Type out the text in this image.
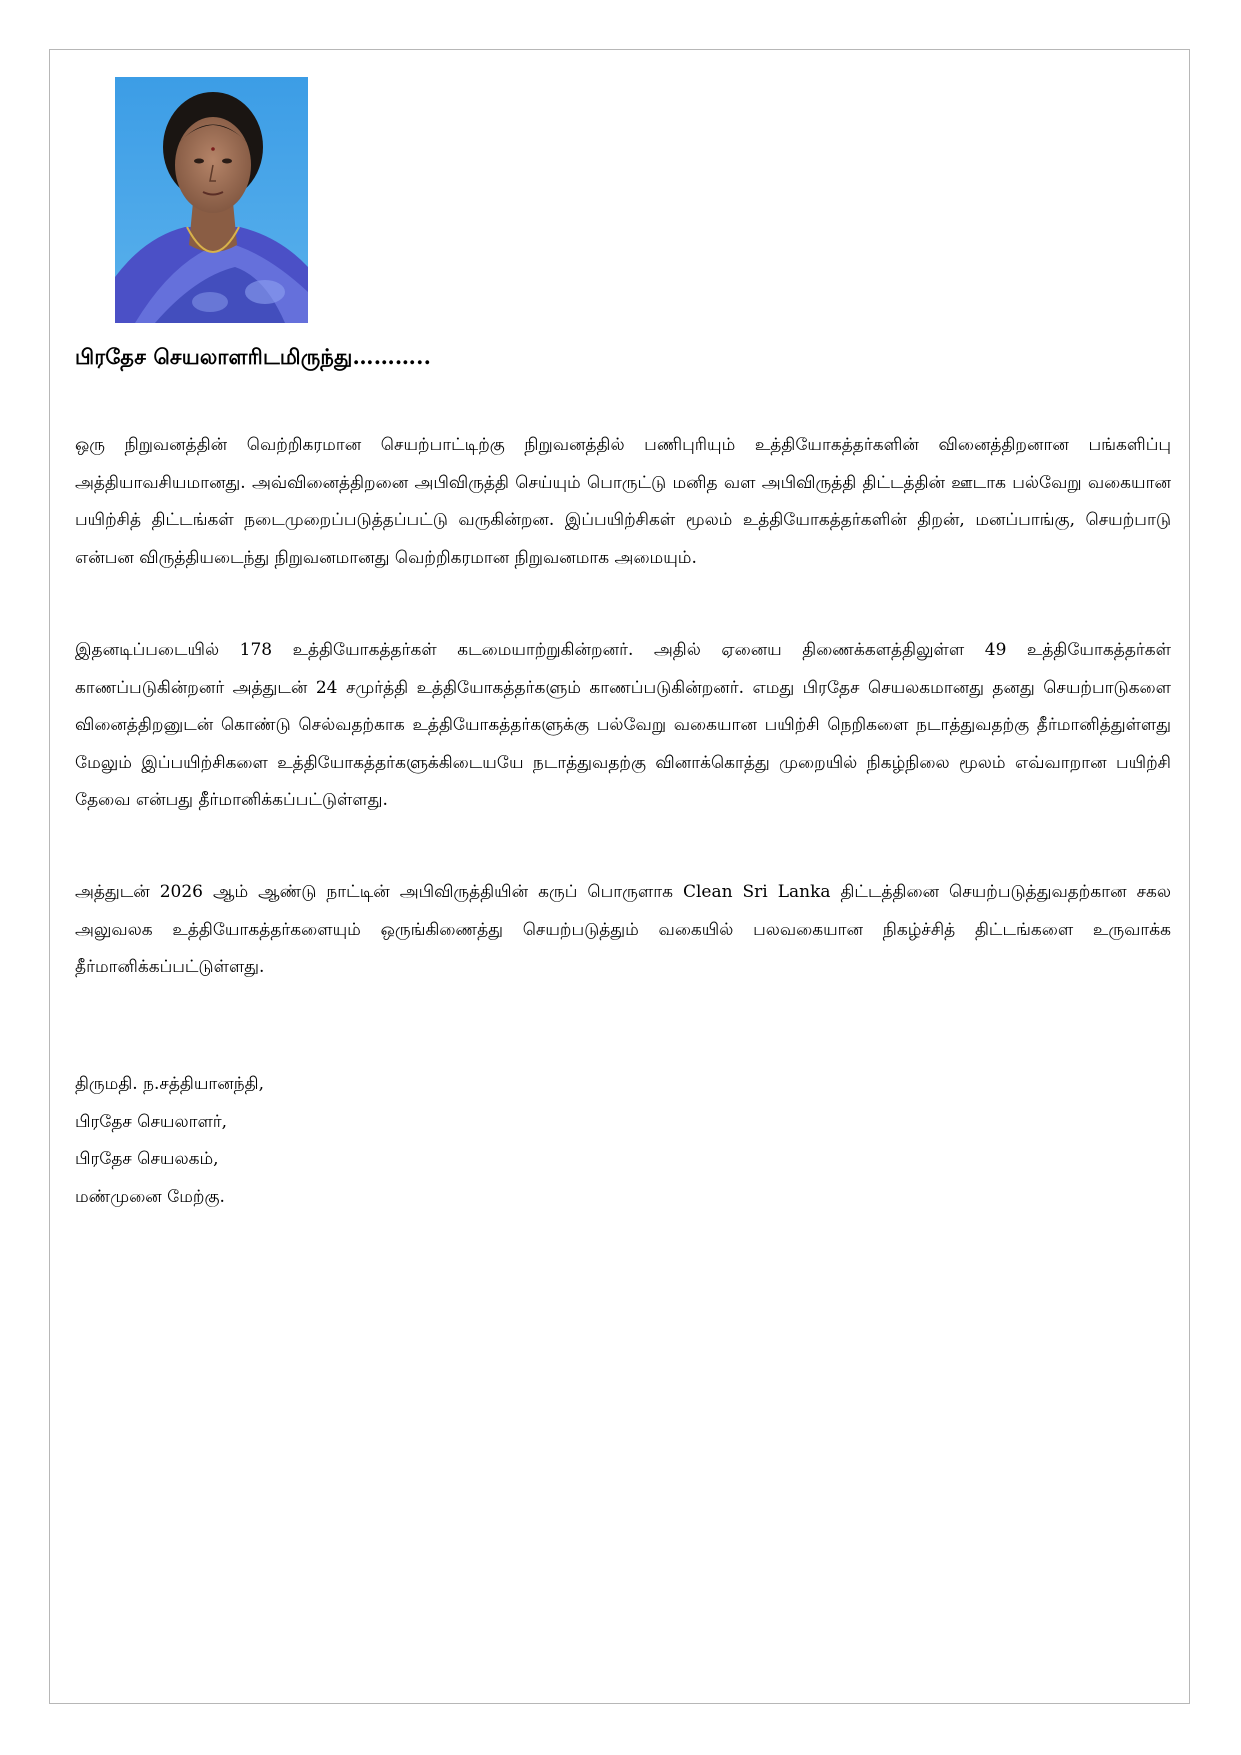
பிரதேச செயலாளரிடமிருந்து………..

ஒரு நிறுவனத்தின் வெற்றிகரமான செயற்பாட்டிற்கு நிறுவனத்தில் பணிபுரியும் உத்தியோகத்தர்களின் வினைத்திறனான பங்களிப்பு அத்தியாவசியமானது. அவ்வினைத்திறனை அபிவிருத்தி செய்யும் பொருட்டு மனித வள அபிவிருத்தி திட்டத்தின் ஊடாக பல்வேறு வகையான பயிற்சித் திட்டங்கள் நடைமுறைப்படுத்தப்பட்டு வருகின்றன. இப்பயிற்சிகள் மூலம் உத்தியோகத்தர்களின் திறன், மனப்பாங்கு, செயற்பாடு என்பன விருத்தியடைந்து நிறுவனமானது வெற்றிகரமான நிறுவனமாக அமையும்.

இதனடிப்படையில் 178 உத்தியோகத்தர்கள் கடமையாற்றுகின்றனர். அதில் ஏனைய திணைக்களத்திலுள்ள 49 உத்தியோகத்தர்கள் காணப்படுகின்றனர் அத்துடன் 24 சமுர்த்தி உத்தியோகத்தர்களும் காணப்படுகின்றனர். எமது பிரதேச செயலகமானது தனது செயற்பாடுகளை வினைத்திறனுடன் கொண்டு செல்வதற்காக உத்தியோகத்தர்களுக்கு பல்வேறு வகையான பயிற்சி நெறிகளை நடாத்துவதற்கு தீர்மானித்துள்ளது மேலும் இப்பயிற்சிகளை உத்தியோகத்தர்களுக்கிடையயே நடாத்துவதற்கு வினாக்கொத்து முறையில் நிகழ்நிலை மூலம் எவ்வாறான பயிற்சி தேவை என்பது தீர்மானிக்கப்பட்டுள்ளது.

அத்துடன் 2026 ஆம் ஆண்டு நாட்டின் அபிவிருத்தியின் கருப் பொருளாக Clean Sri Lanka திட்டத்தினை செயற்படுத்துவதற்கான சகல அலுவலக உத்தியோகத்தர்களையும் ஒருங்கிணைத்து செயற்படுத்தும் வகையில் பலவகையான நிகழ்ச்சித் திட்டங்களை உருவாக்க தீர்மானிக்கப்பட்டுள்ளது.

திருமதி. ந.சத்தியானந்தி,
பிரதேச செயலாளர்,
பிரதேச செயலகம்,
மண்முனை மேற்கு.
